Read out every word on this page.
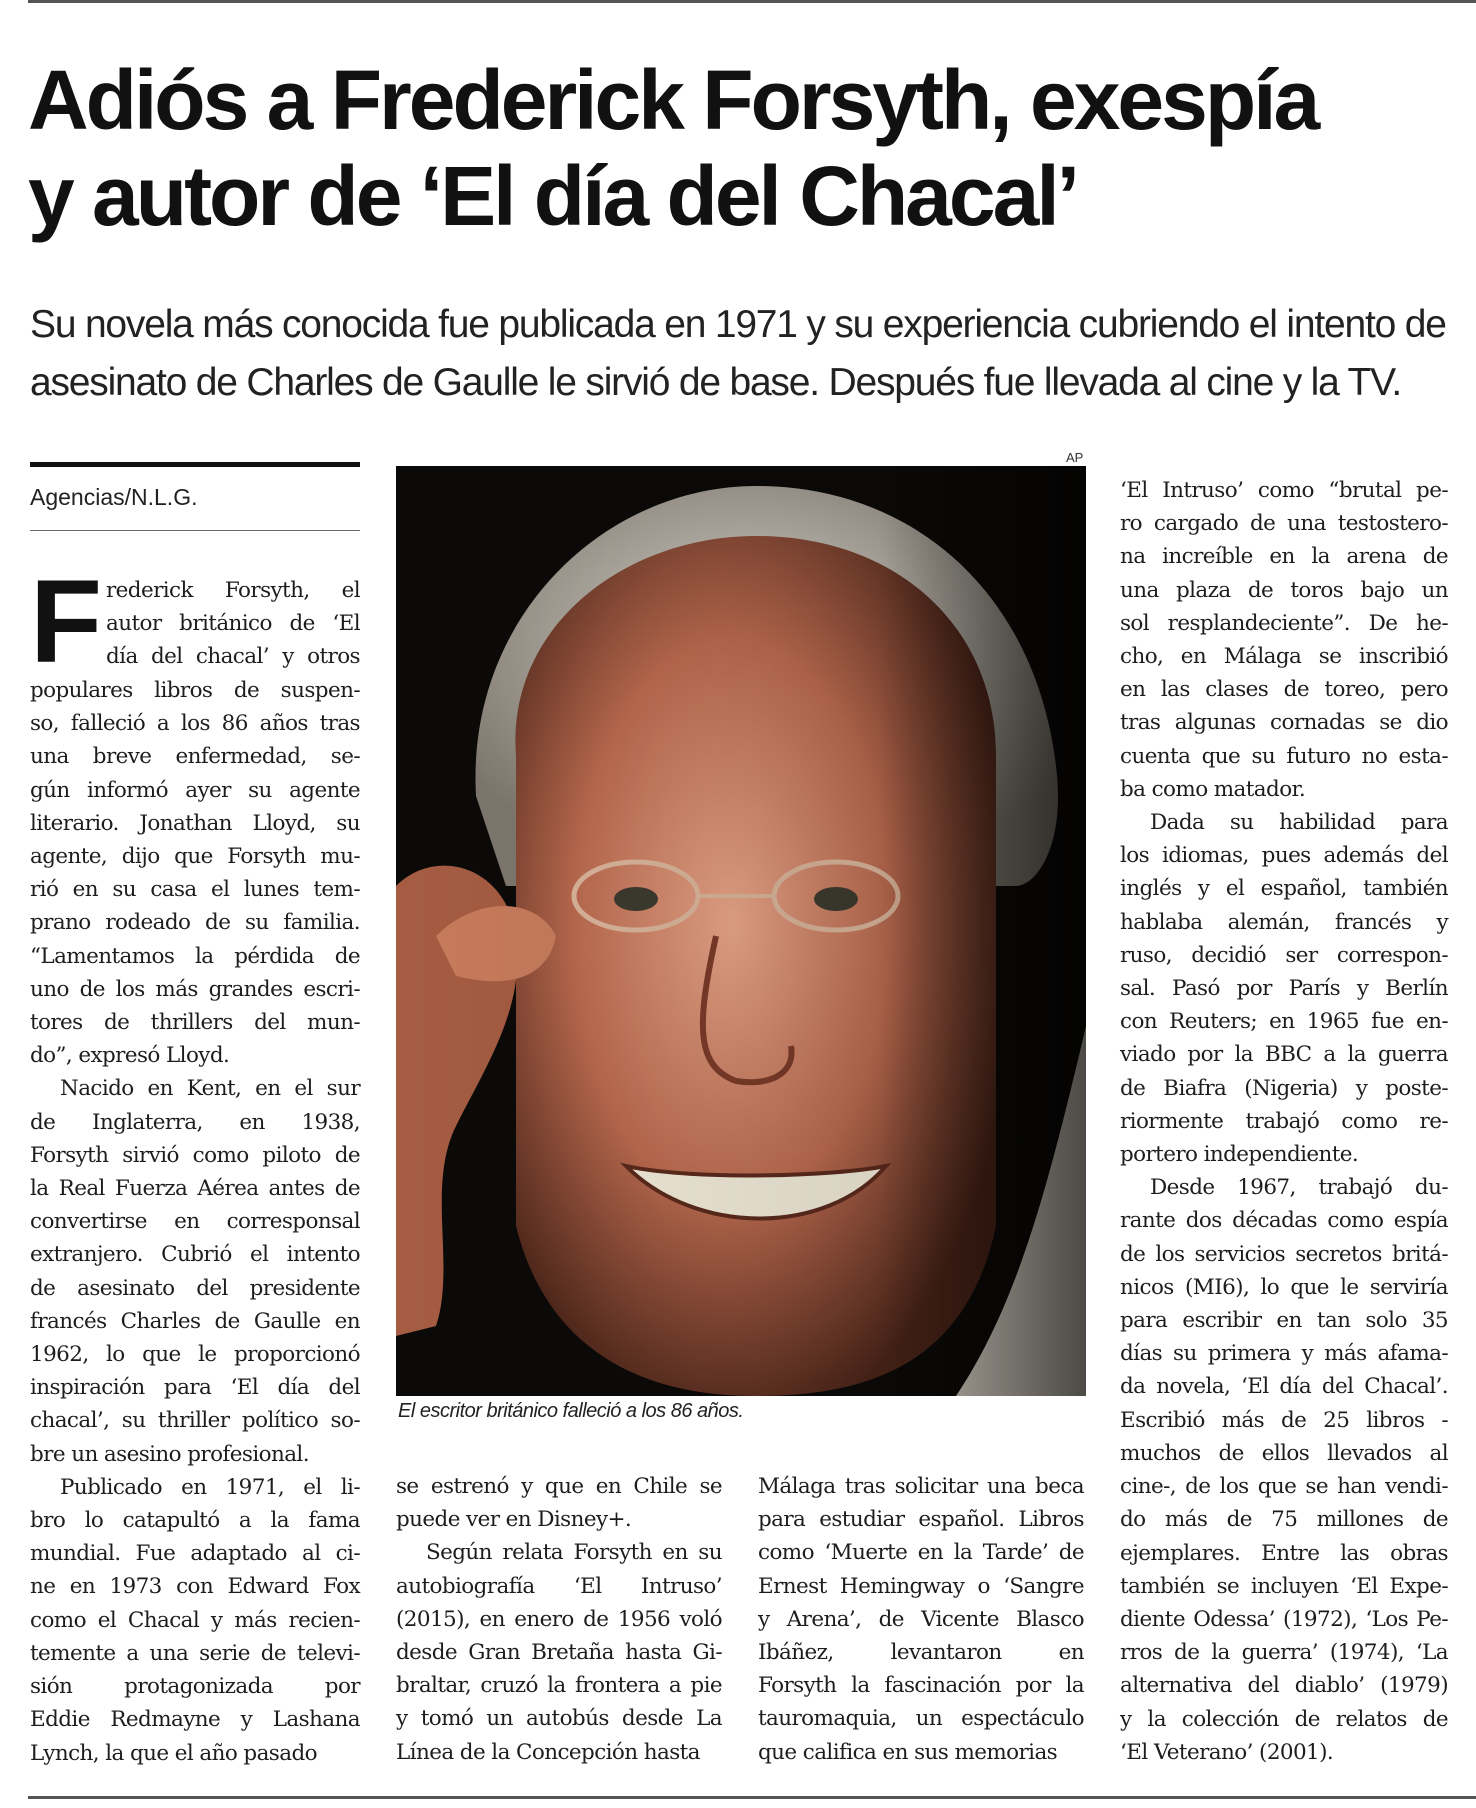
Adiós a Frederick Forsyth, exespía
y autor de ‘El día del Chacal’
Su novela más conocida fue publicada en 1971 y su experiencia cubriendo el intento de
asesinato de Charles de Gaulle le sirvió de base. Después fue llevada al cine y la TV.
Agencias/N.L.G.
F rederick Forsyth, el
autor británico de ‘El
día del chacal’ y otros
populares libros de suspen-
so, falleció a los 86 años tras
una breve enfermedad, se-
gún informó ayer su agente
literario. Jonathan Lloyd, su
agente, dijo que Forsyth mu-
rió en su casa el lunes tem-
prano rodeado de su familia.
“Lamentamos la pérdida de
uno de los más grandes escri-
tores de thrillers del mun-
do”, expresó Lloyd.
Nacido en Kent, en el sur
de Inglaterra, en 1938,
Forsyth sirvió como piloto de
la Real Fuerza Aérea antes de
convertirse en corresponsal
extranjero. Cubrió el intento
de asesinato del presidente
francés Charles de Gaulle en
1962, lo que le proporcionó
inspiración para ‘El día del
chacal’, su thriller político so-
bre un asesino profesional.
Publicado en 1971, el li-
bro lo catapultó a la fama
mundial. Fue adaptado al ci-
ne en 1973 con Edward Fox
como el Chacal y más recien-
temente a una serie de televi-
sión protagonizada por
Eddie Redmayne y Lashana
Lynch, la que el año pasado
AP
El escritor británico falleció a los 86 años.
se estrenó y que en Chile se
puede ver en Disney+.
Según relata Forsyth en su
autobiografía ‘El Intruso’
(2015), en enero de 1956 voló
desde Gran Bretaña hasta Gi-
braltar, cruzó la frontera a pie
y tomó un autobús desde La
Línea de la Concepción hasta
Málaga tras solicitar una beca
para estudiar español. Libros
como ‘Muerte en la Tarde’ de
Ernest Hemingway o ‘Sangre
y Arena’, de Vicente Blasco
Ibáñez, levantaron en
Forsyth la fascinación por la
tauromaquia, un espectáculo
que califica en sus memorias
‘El Intruso’ como “brutal pe-
ro cargado de una testostero-
na increíble en la arena de
una plaza de toros bajo un
sol resplandeciente”. De he-
cho, en Málaga se inscribió
en las clases de toreo, pero
tras algunas cornadas se dio
cuenta que su futuro no esta-
ba como matador.
Dada su habilidad para
los idiomas, pues además del
inglés y el español, también
hablaba alemán, francés y
ruso, decidió ser correspon-
sal. Pasó por París y Berlín
con Reuters; en 1965 fue en-
viado por la BBC a la guerra
de Biafra (Nigeria) y poste-
riormente trabajó como re-
portero independiente.
Desde 1967, trabajó du-
rante dos décadas como espía
de los servicios secretos britá-
nicos (MI6), lo que le serviría
para escribir en tan solo 35
días su primera y más afama-
da novela, ‘El día del Chacal’.
Escribió más de 25 libros -
muchos de ellos llevados al
cine-, de los que se han vendi-
do más de 75 millones de
ejemplares. Entre las obras
también se incluyen ‘El Expe-
diente Odessa’ (1972), ‘Los Pe-
rros de la guerra’ (1974), ‘La
alternativa del diablo’ (1979)
y la colección de relatos de
‘El Veterano’ (2001).
